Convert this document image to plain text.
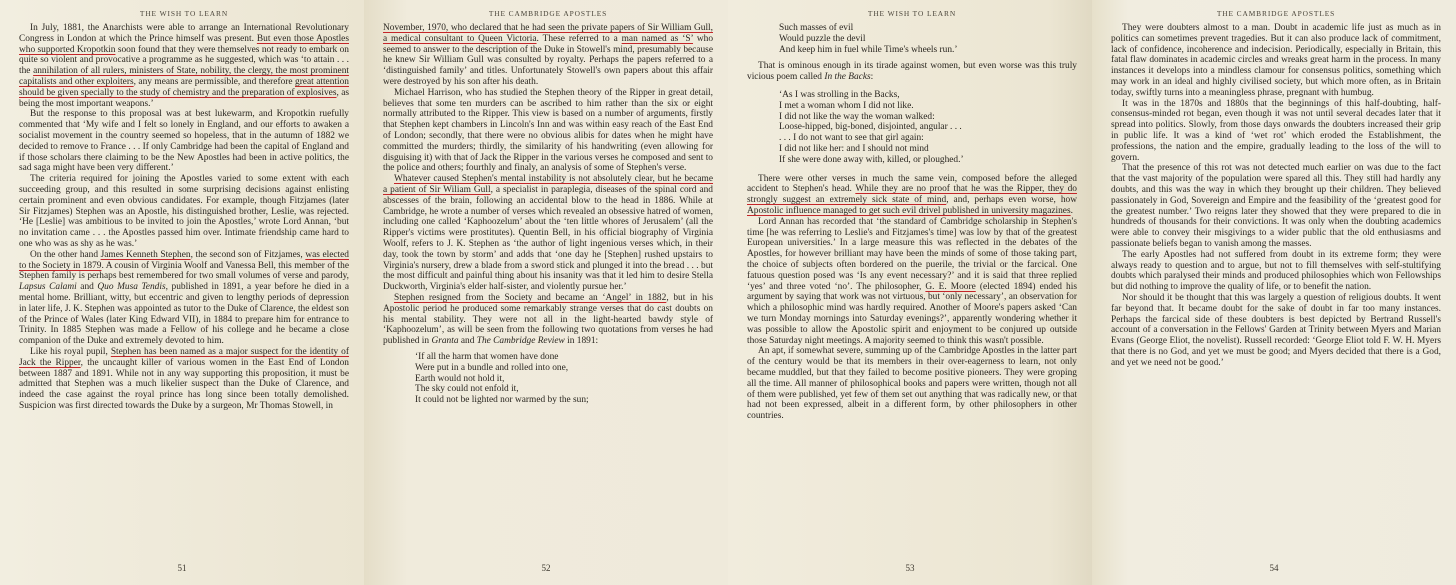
THE WISH TO LEARN

In July, 1881, the Anarchists were able to arrange an International Revolutionary Congress in London at which the Prince himself was present. But even those Apostles who supported Kropotkin soon found that they were themselves not ready to embark on quite so violent and provocative a programme as he suggested, which was ‘to attain . . . the annihilation of all rulers, ministers of State, nobility, the clergy, the most prominent capitalists and other exploiters, any means are permissible, and therefore great attention should be given specially to the study of chemistry and the preparation of explosives, as being the most important weapons.’

But the response to this proposal was at best lukewarm, and Kropotkin ruefully commented that ‘My wife and I felt so lonely in England, and our efforts to awaken a socialist movement in the country seemed so hopeless, that in the autumn of 1882 we decided to remove to France . . . If only Cambridge had been the capital of England and if those scholars there claiming to be the New Apostles had been in active politics, the sad saga might have been very different.’

The criteria required for joining the Apostles varied to some extent with each succeeding group, and this resulted in some surprising decisions against enlisting certain prominent and even obvious candidates. For example, though Fitzjames (later Sir Fitzjames) Stephen was an Apostle, his distinguished brother, Leslie, was rejected. ‘He [Leslie] was ambitious to be invited to join the Apostles,’ wrote Lord Annan, ‘but no invitation came . . . the Apostles passed him over. Intimate friendship came hard to one who was as shy as he was.’

On the other hand James Kenneth Stephen, the second son of Fitzjames, was elected to the Society in 1879. A cousin of Virginia Woolf and Vanessa Bell, this member of the Stephen family is perhaps best remembered for two small volumes of verse and parody, Lapsus Calami and Quo Musa Tendis, published in 1891, a year before he died in a mental home. Brilliant, witty, but eccentric and given to lengthy periods of depression in later life, J. K. Stephen was appointed as tutor to the Duke of Clarence, the eldest son of the Prince of Wales (later King Edward VII), in 1884 to prepare him for entrance to Trinity. In 1885 Stephen was made a Fellow of his college and he became a close companion of the Duke and extremely devoted to him.

Like his royal pupil, Stephen has been named as a major suspect for the identity of Jack the Ripper, the uncaught killer of various women in the East End of London between 1887 and 1891. While not in any way supporting this proposition, it must be admitted that Stephen was a much likelier suspect than the Duke of Clarence, and indeed the case against the royal prince has long since been totally demolished. Suspicion was first directed towards the Duke by a surgeon, Mr Thomas Stowell, in

51
THE CAMBRIDGE APOSTLES

November, 1970, who declared that he had seen the private papers of Sir William Gull, a medical consultant to Queen Victoria. These referred to a man named as ‘S’ who seemed to answer to the description of the Duke in Stowell's mind, presumably because he knew Sir William Gull was consulted by royalty. Perhaps the papers referred to a ‘distinguished family’ and titles. Unfortunately Stowell's own papers about this affair were destroyed by his son after his death.

Michael Harrison, who has studied the Stephen theory of the Ripper in great detail, believes that some ten murders can be ascribed to him rather than the six or eight normally attributed to the Ripper. This view is based on a number of arguments, firstly that Stephen kept chambers in Lincoln's Inn and was within easy reach of the East End of London; secondly, that there were no obvious alibis for dates when he might have committed the murders; thirdly, the similarity of his handwriting (even allowing for disguising it) with that of Jack the Ripper in the various verses he composed and sent to the police and others; fourthly and finaly, an analysis of some of Stephen's verse.

Whatever caused Stephen's mental instability is not absolutely clear, but he became a patient of Sir Wiliam Gull, a specialist in paraplegia, diseases of the spinal cord and abscesses of the brain, following an accidental blow to the head in 1886. While at Cambridge, he wrote a number of verses which revealed an obsessive hatred of women, including one called ‘Kaphoozelum’ about the ‘ten little whores of Jerusalem’ (all the Ripper's victims were prostitutes). Quentin Bell, in his official biography of Virginia Woolf, refers to J. K. Stephen as ‘the author of light ingenious verses which, in their day, took the town by storm’ and adds that ‘one day he [Stephen] rushed upstairs to Virginia's nursery, drew a blade from a sword stick and plunged it into the bread . . . but the most difficult and painful thing about his insanity was that it led him to desire Stella Duckworth, Virginia's elder half-sister, and violently pursue her.’

Stephen resigned from the Society and became an ‘Angel’ in 1882, but in his Apostolic period he produced some remarkably strange verses that do cast doubts on his mental stability. They were not all in the light-hearted bawdy style of ‘Kaphoozelum’, as will be seen from the following two quotations from verses he had published in Granta and The Cambridge Review in 1891:

‘If all the harm that women have done
Were put in a bundle and rolled into one,
Earth would not hold it,
The sky could not enfold it,
It could not be lighted nor warmed by the sun;
52
THE WISH TO LEARN
Such masses of evil
Would puzzle the devil
And keep him in fuel while Time's wheels run.’

That is ominous enough in its tirade against women, but even worse was this truly vicious poem called In the Backs:

‘As I was strolling in the Backs,
I met a woman whom I did not like.
I did not like the way the woman walked:
Loose-hipped, big-boned, disjointed, angular . . .
. . . I do not want to see that girl again:
I did not like her: and I should not mind
If she were done away with, killed, or ploughed.’

There were other verses in much the same vein, composed before the alleged accident to Stephen's head. While they are no proof that he was the Ripper, they do strongly suggest an extremely sick state of mind, and, perhaps even worse, how Apostolic influence managed to get such evil drivel published in university magazines.

Lord Annan has recorded that ‘the standard of Cambridge scholarship in Stephen's time [he was referring to Leslie's and Fitzjames's time] was low by that of the greatest European universities.’ In a large measure this was reflected in the debates of the Apostles, for however brilliant may have been the minds of some of those taking part, the choice of subjects often bordered on the puerile, the trivial or the farcical. One fatuous question posed was ‘Is any event necessary?’ and it is said that three replied ‘yes’ and three voted ‘no’. The philosopher, G. E. Moore (elected 1894) ended his argument by saying that work was not virtuous, but ‘only necessary’, an observation for which a philosophic mind was hardly required. Another of Moore's papers asked ‘Can we turn Monday mornings into Saturday evenings?’, apparently wondering whether it was possible to allow the Apostolic spirit and enjoyment to be conjured up outside those Saturday night meetings. A majority seemed to think this wasn't possible.

An apt, if somewhat severe, summing up of the Cambridge Apostles in the latter part of the century would be that its members in their over-eagerness to learn, not only became muddled, but that they failed to become positive pioneers. They were groping all the time. All manner of philosophical books and papers were written, though not all of them were published, yet few of them set out anything that was radically new, or that had not been expressed, albeit in a different form, by other philosophers in other countries.

53
THE CAMBRIDGE APOSTLES

They were doubters almost to a man. Doubt in academic life just as much as in politics can sometimes prevent tragedies. But it can also produce lack of commitment, lack of confidence, incoherence and indecision. Periodically, especially in Britain, this fatal flaw dominates in academic circles and wreaks great harm in the process. In many instances it develops into a mindless clamour for consensus politics, something which may work in an ideal and highly civilised society, but which more often, as in Britain today, swiftly turns into a meaningless phrase, pregnant with humbug.

It was in the 1870s and 1880s that the beginnings of this half-doubting, half-consensus-minded rot began, even though it was not until several decades later that it spread into politics. Slowly, from those days onwards the doubters increased their grip in public life. It was a kind of ‘wet rot’ which eroded the Establishment, the professions, the nation and the empire, gradually leading to the loss of the will to govern.

That the presence of this rot was not detected much earlier on was due to the fact that the vast majority of the population were spared all this. They still had hardly any doubts, and this was the way in which they brought up their children. They believed passionately in God, Sovereign and Empire and the feasibility of the ‘greatest good for the greatest number.’ Two reigns later they showed that they were prepared to die in hundreds of thousands for their convictions. It was only when the doubting academics were able to convey their misgivings to a wider public that the old enthusiasms and passionate beliefs began to vanish among the masses.

The early Apostles had not suffered from doubt in its extreme form; they were always ready to question and to argue, but not to fill themselves with self-stultifying doubts which paralysed their minds and produced philosophies which won Fellowships but did nothing to improve the quality of life, or to benefit the nation.

Nor should it be thought that this was largely a question of religious doubts. It went far beyond that. It became doubt for the sake of doubt in far too many instances. Perhaps the farcical side of these doubters is best depicted by Bertrand Russell's account of a conversation in the Fellows' Garden at Trinity between Myers and Marian Evans (George Eliot, the novelist). Russell recorded: ‘George Eliot told F. W. H. Myers that there is no God, and yet we must be good; and Myers decided that there is a God, and yet we need not be good.’

54
